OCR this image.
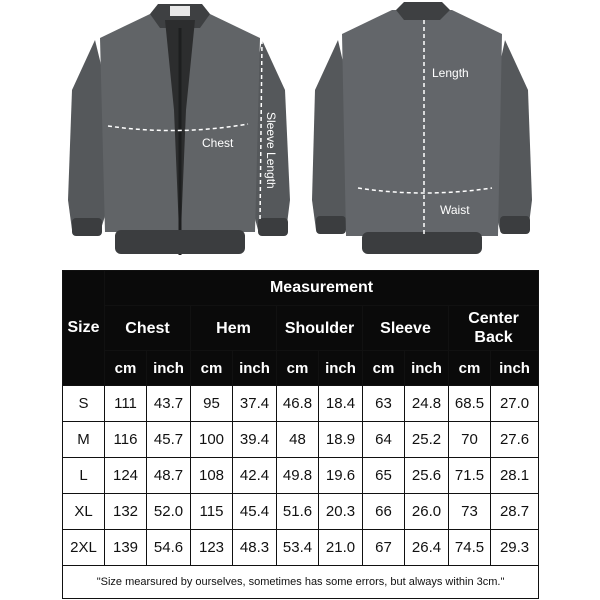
Chest	Sleeve Length
Length
Waist
Size	Measurement									
	Chest		Hem		Shoulder		Sleeve		Center Back	
	cm	inch	cm	inch	cm	inch	cm	inch	cm	inch
S	111	43.7	95	37.4	46.8	18.4	63	24.8	68.5	27.0
M	116	45.7	100	39.4	48	18.9	64	25.2	70	27.6
L	124	48.7	108	42.4	49.8	19.6	65	25.6	71.5	28.1
XL	132	52.0	115	45.4	51.6	20.3	66	26.0	73	28.7
2XL	139	54.6	123	48.3	53.4	21.0	67	26.4	74.5	29.3
"Size mearsured by ourselves, sometimes has some errors, but always within 3cm."										
